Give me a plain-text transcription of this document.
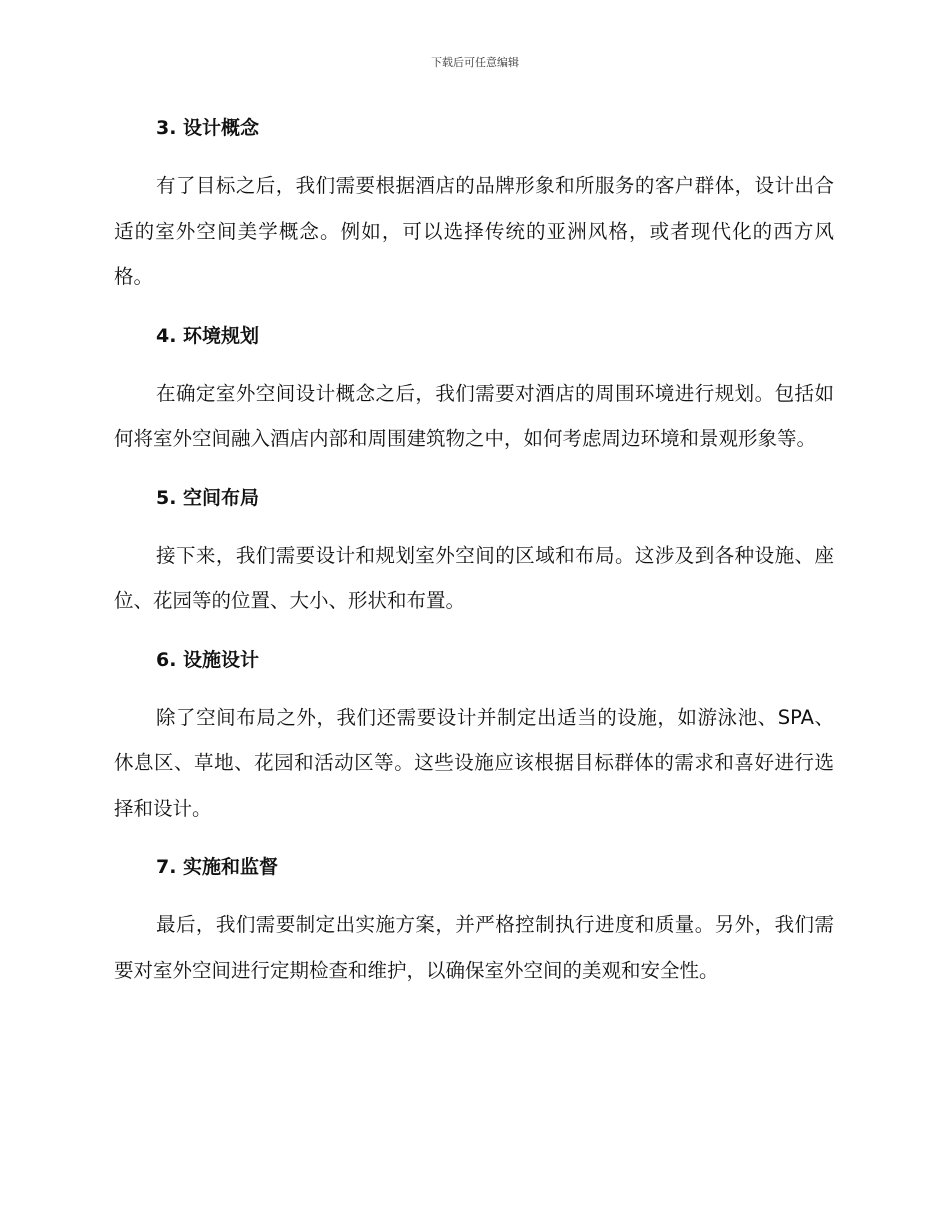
下载后可任意编辑
3. 设计概念

有了目标之后，我们需要根据酒店的品牌形象和所服务的客户群体，设计出合适的室外空间美学概念。例如，可以选择传统的亚洲风格，或者现代化的西方风格。

4. 环境规划

在确定室外空间设计概念之后，我们需要对酒店的周围环境进行规划。包括如何将室外空间融入酒店内部和周围建筑物之中，如何考虑周边环境和景观形象等。

5. 空间布局

接下来，我们需要设计和规划室外空间的区域和布局。这涉及到各种设施、座位、花园等的位置、大小、形状和布置。

6. 设施设计

除了空间布局之外，我们还需要设计并制定出适当的设施，如游泳池、SPA、休息区、草地、花园和活动区等。这些设施应该根据目标群体的需求和喜好进行选择和设计。

7. 实施和监督

最后，我们需要制定出实施方案，并严格控制执行进度和质量。另外，我们需要对室外空间进行定期检查和维护，以确保室外空间的美观和安全性。
